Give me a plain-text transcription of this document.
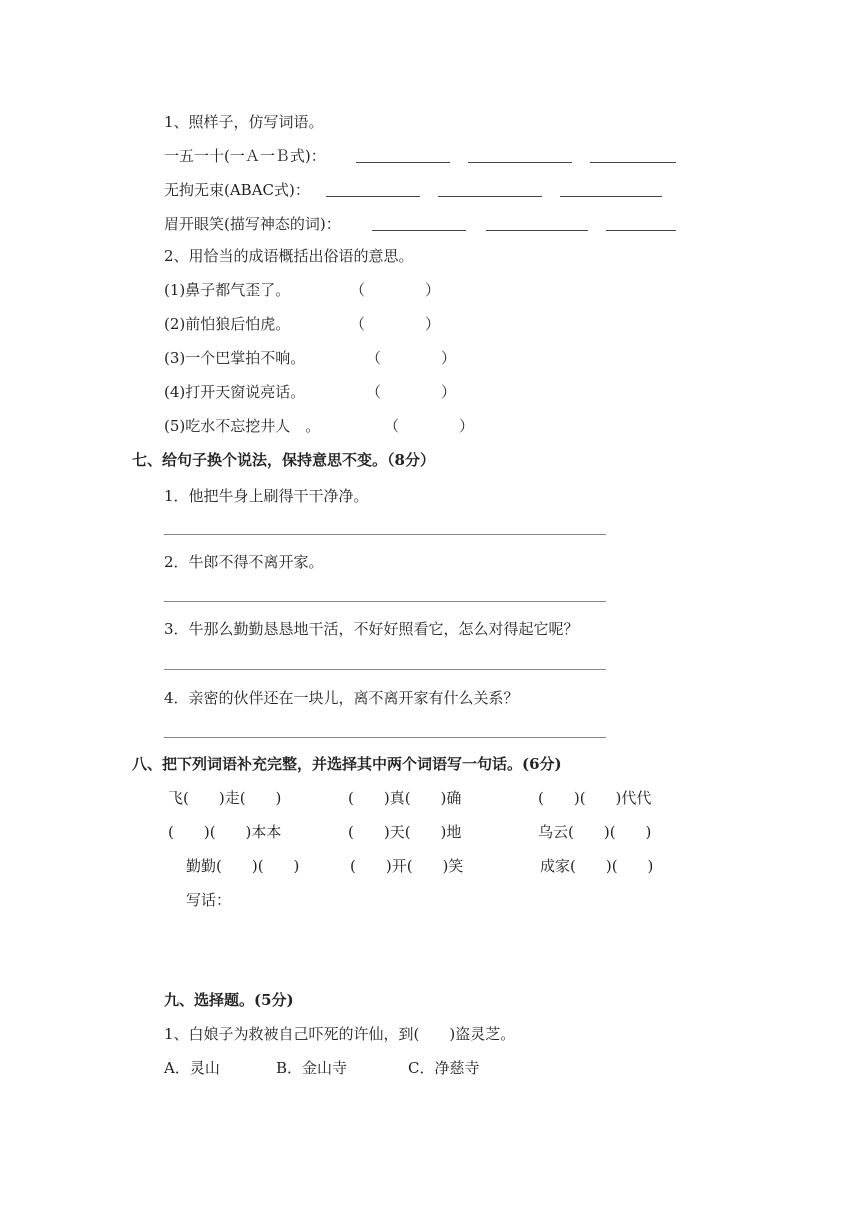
1、照样子，仿写词语。
一五一十(一Ａ一Ｂ式)：
无拘无束(ABAC式)：
眉开眼笑(描写神态的词)：
2、用恰当的成语概括出俗语的意思。
(1)鼻子都气歪了。	（　　　　）
(2)前怕狼后怕虎。	（　　　　）
(3)一个巴掌拍不响。	（　　　　）
(4)打开天窗说亮话。	（　　　　）
(5)吃水不忘挖井人　。	（　　　　）
七、给句子换个说法，保持意思不变。（8分）
1．他把牛身上刷得干干净净。
2．牛郎不得不离开家。
3．牛那么勤勤恳恳地干活，不好好照看它，怎么对得起它呢？
4．亲密的伙伴还在一块儿，离不离开家有什么关系？
八、把下列词语补充完整，并选择其中两个词语写一句话。(6分)
飞(　　)走(　　)	(　　)真(　　)确	(　　)(　　)代代
(　　)(　　)本本	(　　)天(　　)地	乌云(　　)(　　)
勤勤(　　)(　　)	(　　)开(　　)笑	成家(　　)(　　)
写话：
九、选择题。(5分)
1、白娘子为救被自己吓死的许仙，到(　　)盗灵芝。
A．灵山	B．金山寺	C．净慈寺
